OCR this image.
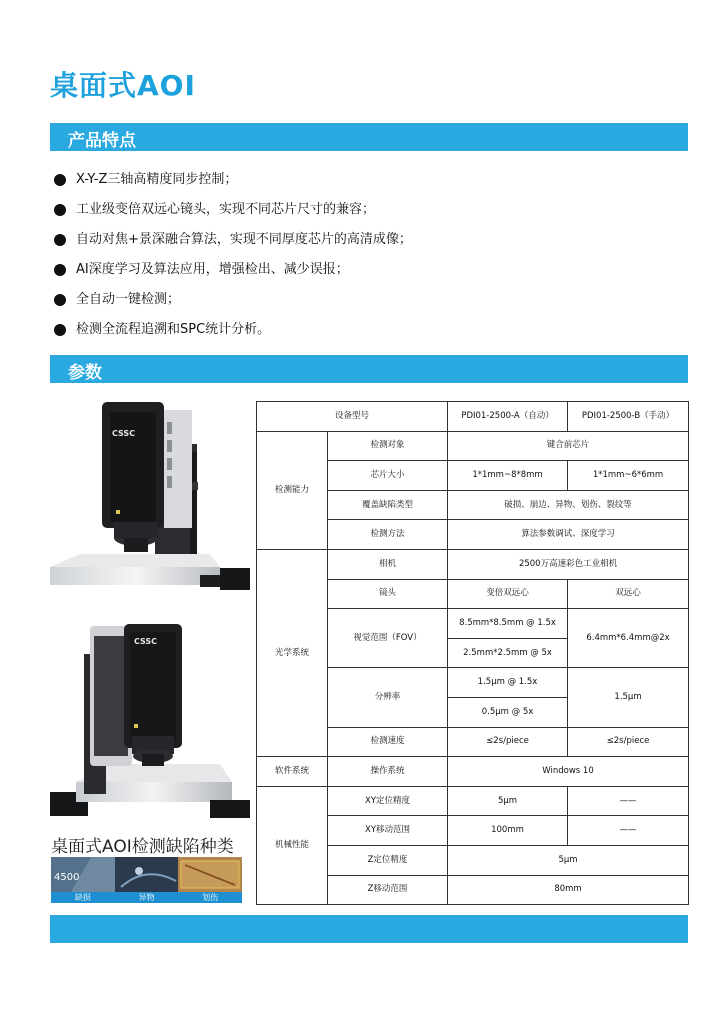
桌面式AOI
产品特点
X-Y-Z三轴高精度同步控制；
工业级变倍双远心镜头，实现不同芯片尺寸的兼容；
自动对焦+景深融合算法，实现不同厚度芯片的高清成像；
AI深度学习及算法应用，增强检出、减少误报；
全自动一键检测；
检测全流程追溯和SPC统计分析。
参数
CSSC
CSSC
桌面式AOI检测缺陷种类
4500
缺损	异物	划伤
设备型号		PDI01-2500-A（自动）	PDI01-2500-B（手动）
检测能力	检测对象	键合前芯片	
	芯片大小	1*1mm~8*8mm	1*1mm~6*6mm
	覆盖缺陷类型	破损、崩边、异物、划伤、裂纹等	
	检测方法	算法参数调试、深度学习	
光学系统	相机	2500万高速彩色工业相机	
	镜头	变倍双远心	双远心
	视觉范围（FOV）	8.5mm*8.5mm @ 1.5x	6.4mm*6.4mm@2x
		2.5mm*2.5mm @ 5x	
	分辨率	1.5μm @ 1.5x	1.5μm
		0.5μm @ 5x	
	检测速度	≤2s/piece	≤2s/piece
软件系统	操作系统	Windows 10	
机械性能	XY定位精度	5μm	——
	XY移动范围	100mm	——
	Z定位精度	5μm	
	Z移动范围	80mm	
